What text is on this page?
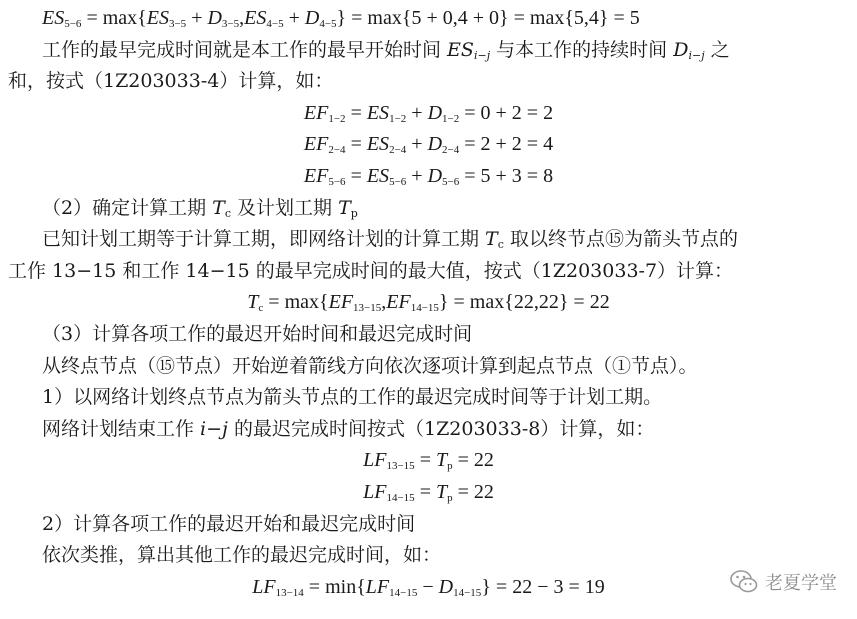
$ES_{5-6} = \max\{ES_{3-5} + D_{3-5},ES_{4-5} + D_{4-5}\} = \max\{5 + 0,4 + 0\} = \max\{5,4\} = 5$
工作的最早完成时间就是本工作的最早开始时间 $ES_{i-j}$ 与本工作的持续时间 $D_{i-j}$ 之
和，按式（1Z203033-4）计算，如：
$EF_{1-2} = ES_{1-2} + D_{1-2} = 0 + 2 = 2$
$EF_{2-4} = ES_{2-4} + D_{2-4} = 2 + 2 = 4$
$EF_{5-6} = ES_{5-6} + D_{5-6} = 5 + 3 = 8$
（2）确定计算工期 $T_c$ 及计划工期 $T_p$
已知计划工期等于计算工期，即网络计划的计算工期 $T_c$ 取以终节点⑮为箭头节点的
工作 13−15 和工作 14−15 的最早完成时间的最大值，按式（1Z203033-7）计算：
$T_c = \max\{EF_{13-15},EF_{14-15}\} = \max\{22,22\} = 22$
（3）计算各项工作的最迟开始时间和最迟完成时间
从终点节点（⑮节点）开始逆着箭线方向依次逐项计算到起点节点（①节点）。
1）以网络计划终点节点为箭头节点的工作的最迟完成时间等于计划工期。
网络计划结束工作 i−j 的最迟完成时间按式（1Z203033-8）计算，如：
$LF_{13-15} = T_p = 22$
$LF_{14-15} = T_p = 22$
2）计算各项工作的最迟开始和最迟完成时间
依次类推，算出其他工作的最迟完成时间，如：
$LF_{13-14} = \min\{LF_{14-15} - D_{14-15}\} = 22 - 3 = 19$	老夏学堂
